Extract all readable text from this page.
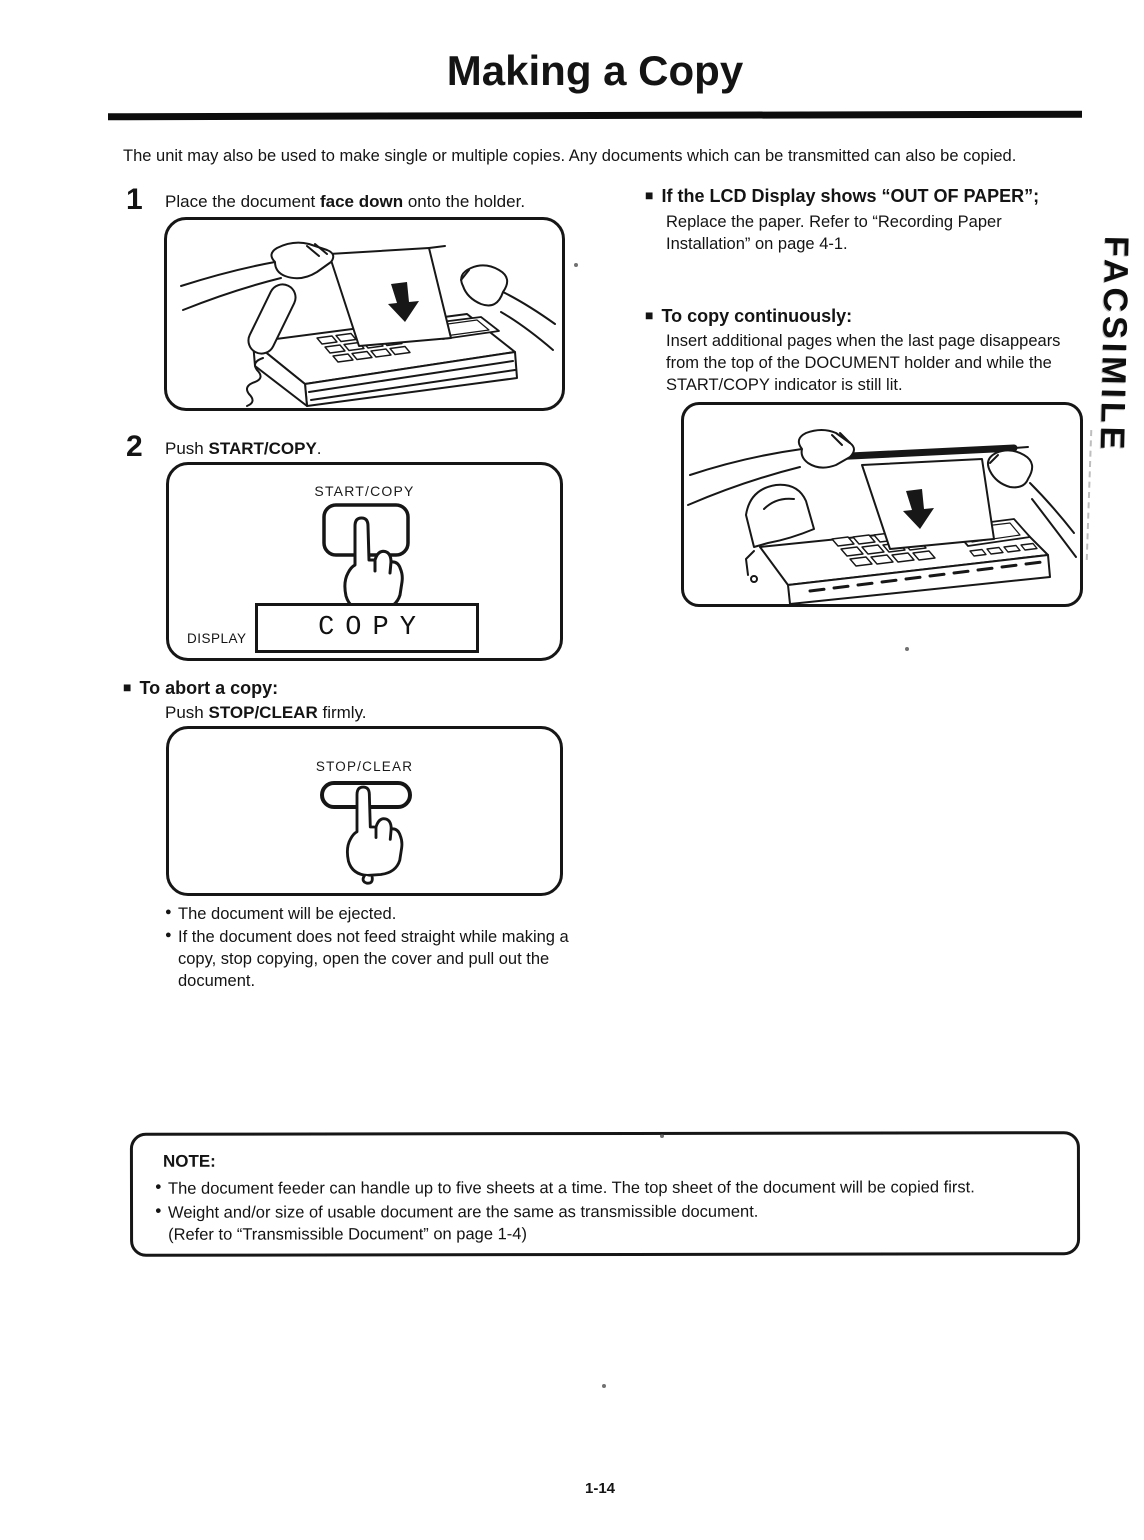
Making a Copy
The unit may also be used to make single or multiple copies. Any documents which can be transmitted can also be copied.
1 Place the document face down onto the holder.
2 Push START/COPY.
START/COPY
DISPLAY	COPY
■ To abort a copy:
Push STOP/CLEAR firmly.
STOP/CLEAR
● The document will be ejected.
● If the document does not feed straight while making a copy, stop copying, open the cover and pull out the document.
■ If the LCD Display shows “OUT OF PAPER”;
Replace the paper. Refer to “Recording Paper Installation” on page 4-1.
■ To copy continuously:
Insert additional pages when the last page disappears from the top of the DOCUMENT holder and while the START/COPY indicator is still lit.	FACSIMILE
NOTE:
● The document feeder can handle up to five sheets at a time. The top sheet of the document will be copied first.
● Weight and/or size of usable document are the same as transmissible document.
(Refer to “Transmissible Document” on page 1-4)
1-14
